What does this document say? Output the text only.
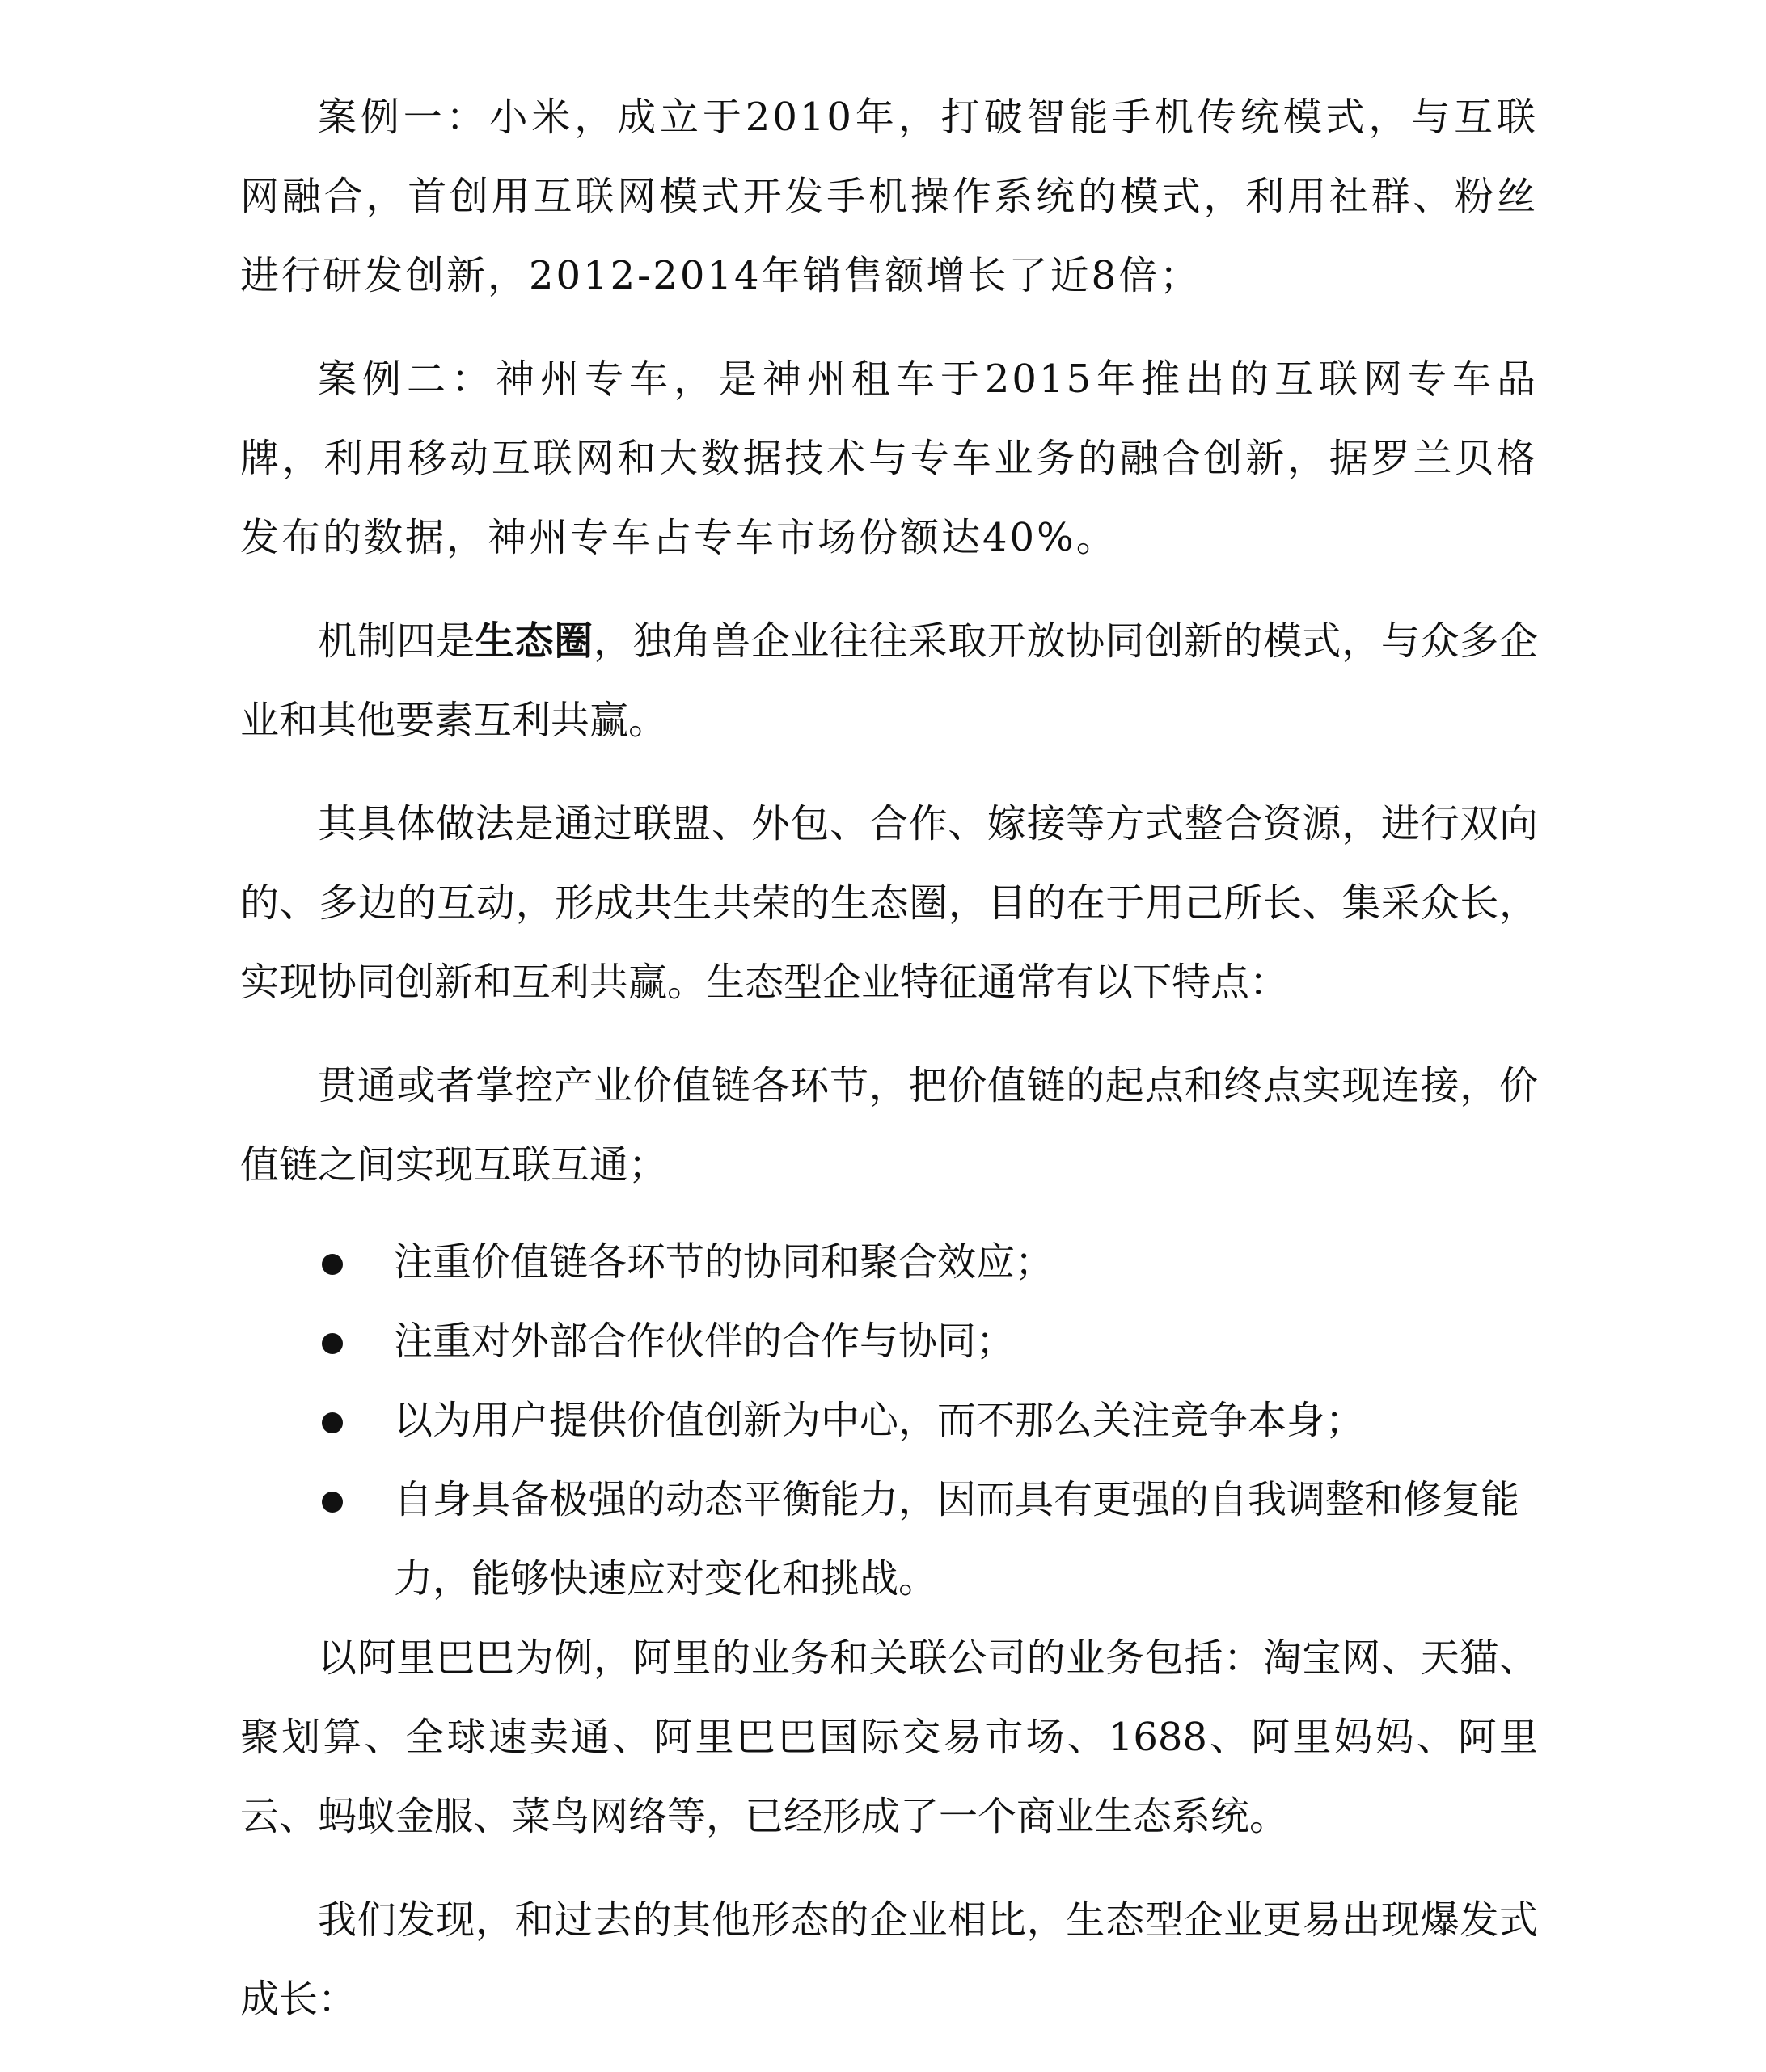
案例一：小米，成立于2010年，打破智能手机传统模式，与互联网融合，首创用互联网模式开发手机操作系统的模式，利用社群、粉丝进行研发创新，2012-2014年销售额增长了近8倍；

案例二：神州专车，是神州租车于2015年推出的互联网专车品牌，利用移动互联网和大数据技术与专车业务的融合创新，据罗兰贝格发布的数据，神州专车占专车市场份额达40%。

机制四是生态圈，独角兽企业往往采取开放协同创新的模式，与众多企业和其他要素互利共赢。

其具体做法是通过联盟、外包、合作、嫁接等方式整合资源，进行双向的、多边的互动，形成共生共荣的生态圈，目的在于用己所长、集采众长，实现协同创新和互利共赢。生态型企业特征通常有以下特点：

贯通或者掌控产业价值链各环节，把价值链的起点和终点实现连接，价值链之间实现互联互通；

注重价值链各环节的协同和聚合效应；
注重对外部合作伙伴的合作与协同；
以为用户提供价值创新为中心，而不那么关注竞争本身；
自身具备极强的动态平衡能力，因而具有更强的自我调整和修复能力，能够快速应对变化和挑战。

以阿里巴巴为例，阿里的业务和关联公司的业务包括：淘宝网、天猫、聚划算、全球速卖通、阿里巴巴国际交易市场、1688、阿里妈妈、阿里云、蚂蚁金服、菜鸟网络等，已经形成了一个商业生态系统。

我们发现，和过去的其他形态的企业相比，生态型企业更易出现爆发式成长：
